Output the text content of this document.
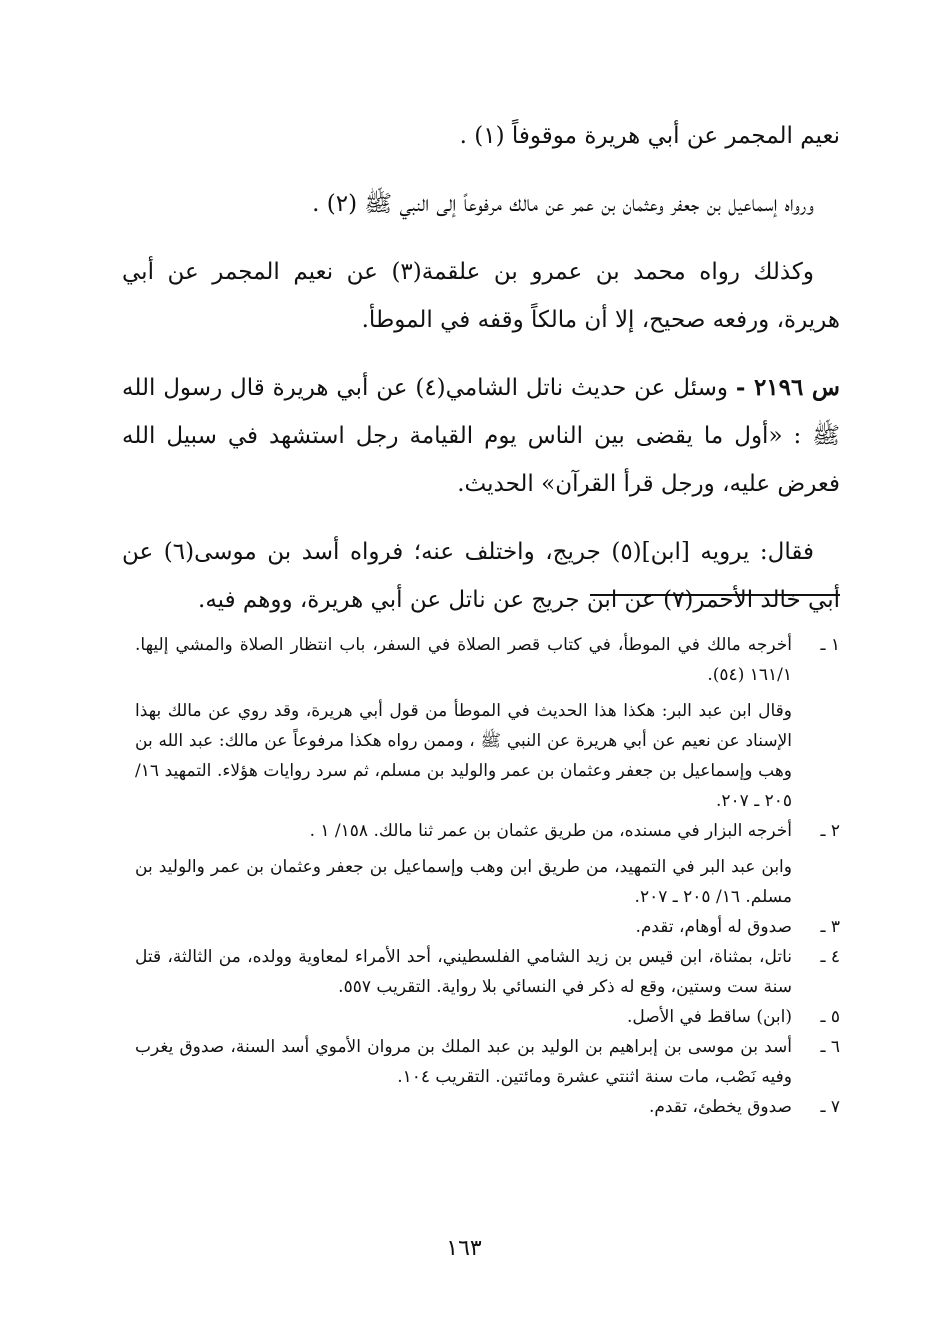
نعيم المجمر عن أبي هريرة موقوفاً (١) .

ورواه إسماعيل بن جعفر وعثمان بن عمر عن مالك مرفوعاً إلى النبي ﷺ (٢) .

وكذلك رواه محمد بن عمرو بن علقمة(٣) عن نعيم المجمر عن أبي هريرة، ورفعه صحيح، إلا أن مالكاً وقفه في الموطأ.

س ٢١٩٦ - وسئل عن حديث ناتل الشامي(٤) عن أبي هريرة قال رسول الله ﷺ : «أول ما يقضى بين الناس يوم القيامة رجل استشهد في سبيل الله فعرض عليه، ورجل قرأ القرآن» الحديث.

فقال: يرويه [ابن](٥) جريج، واختلف عنه؛ فرواه أسد بن موسى(٦) عن أبي خالد الأحمر(٧) عن ابن جريج عن ناتل عن أبي هريرة، ووهم فيه.

١ ـ

أخرجه مالك في الموطأ، في كتاب قصر الصلاة في السفر، باب انتظار الصلاة والمشي إليها. ١٦١/١ (٥٤).

وقال ابن عبد البر: هكذا هذا الحديث في الموطأ من قول أبي هريرة، وقد روي عن مالك بهذا الإسناد عن نعيم عن أبي هريرة عن النبي ﷺ ، وممن رواه هكذا مرفوعاً عن مالك: عبد الله بن وهب وإسماعيل بن جعفر وعثمان بن عمر والوليد بن مسلم، ثم سرد روايات هؤلاء. التمهيد ١٦/ ٢٠٥ ـ ٢٠٧.

٢ ـ

أخرجه البزار في مسنده، من طريق عثمان بن عمر ثنا مالك. ١٥٨/ ١ .

وابن عبد البر في التمهيد، من طريق ابن وهب وإسماعيل بن جعفر وعثمان بن عمر والوليد بن مسلم. ١٦/ ٢٠٥ ـ ٢٠٧.

٣ ـ

صدوق له أوهام، تقدم.

٤ ـ

ناتل، بمثناة، ابن قيس بن زيد الشامي الفلسطيني، أحد الأمراء لمعاوية وولده، من الثالثة، قتل سنة ست وستين، وقع له ذكر في النسائي بلا رواية. التقريب ٥٥٧.

٥ ـ

(ابن) ساقط في الأصل.

٦ ـ

أسد بن موسى بن إبراهيم بن الوليد بن عبد الملك بن مروان الأموي أسد السنة، صدوق يغرب وفيه نَصْب، مات سنة اثنتي عشرة ومائتين. التقريب ١٠٤.

٧ ـ

صدوق يخطئ، تقدم.

١٦٣
